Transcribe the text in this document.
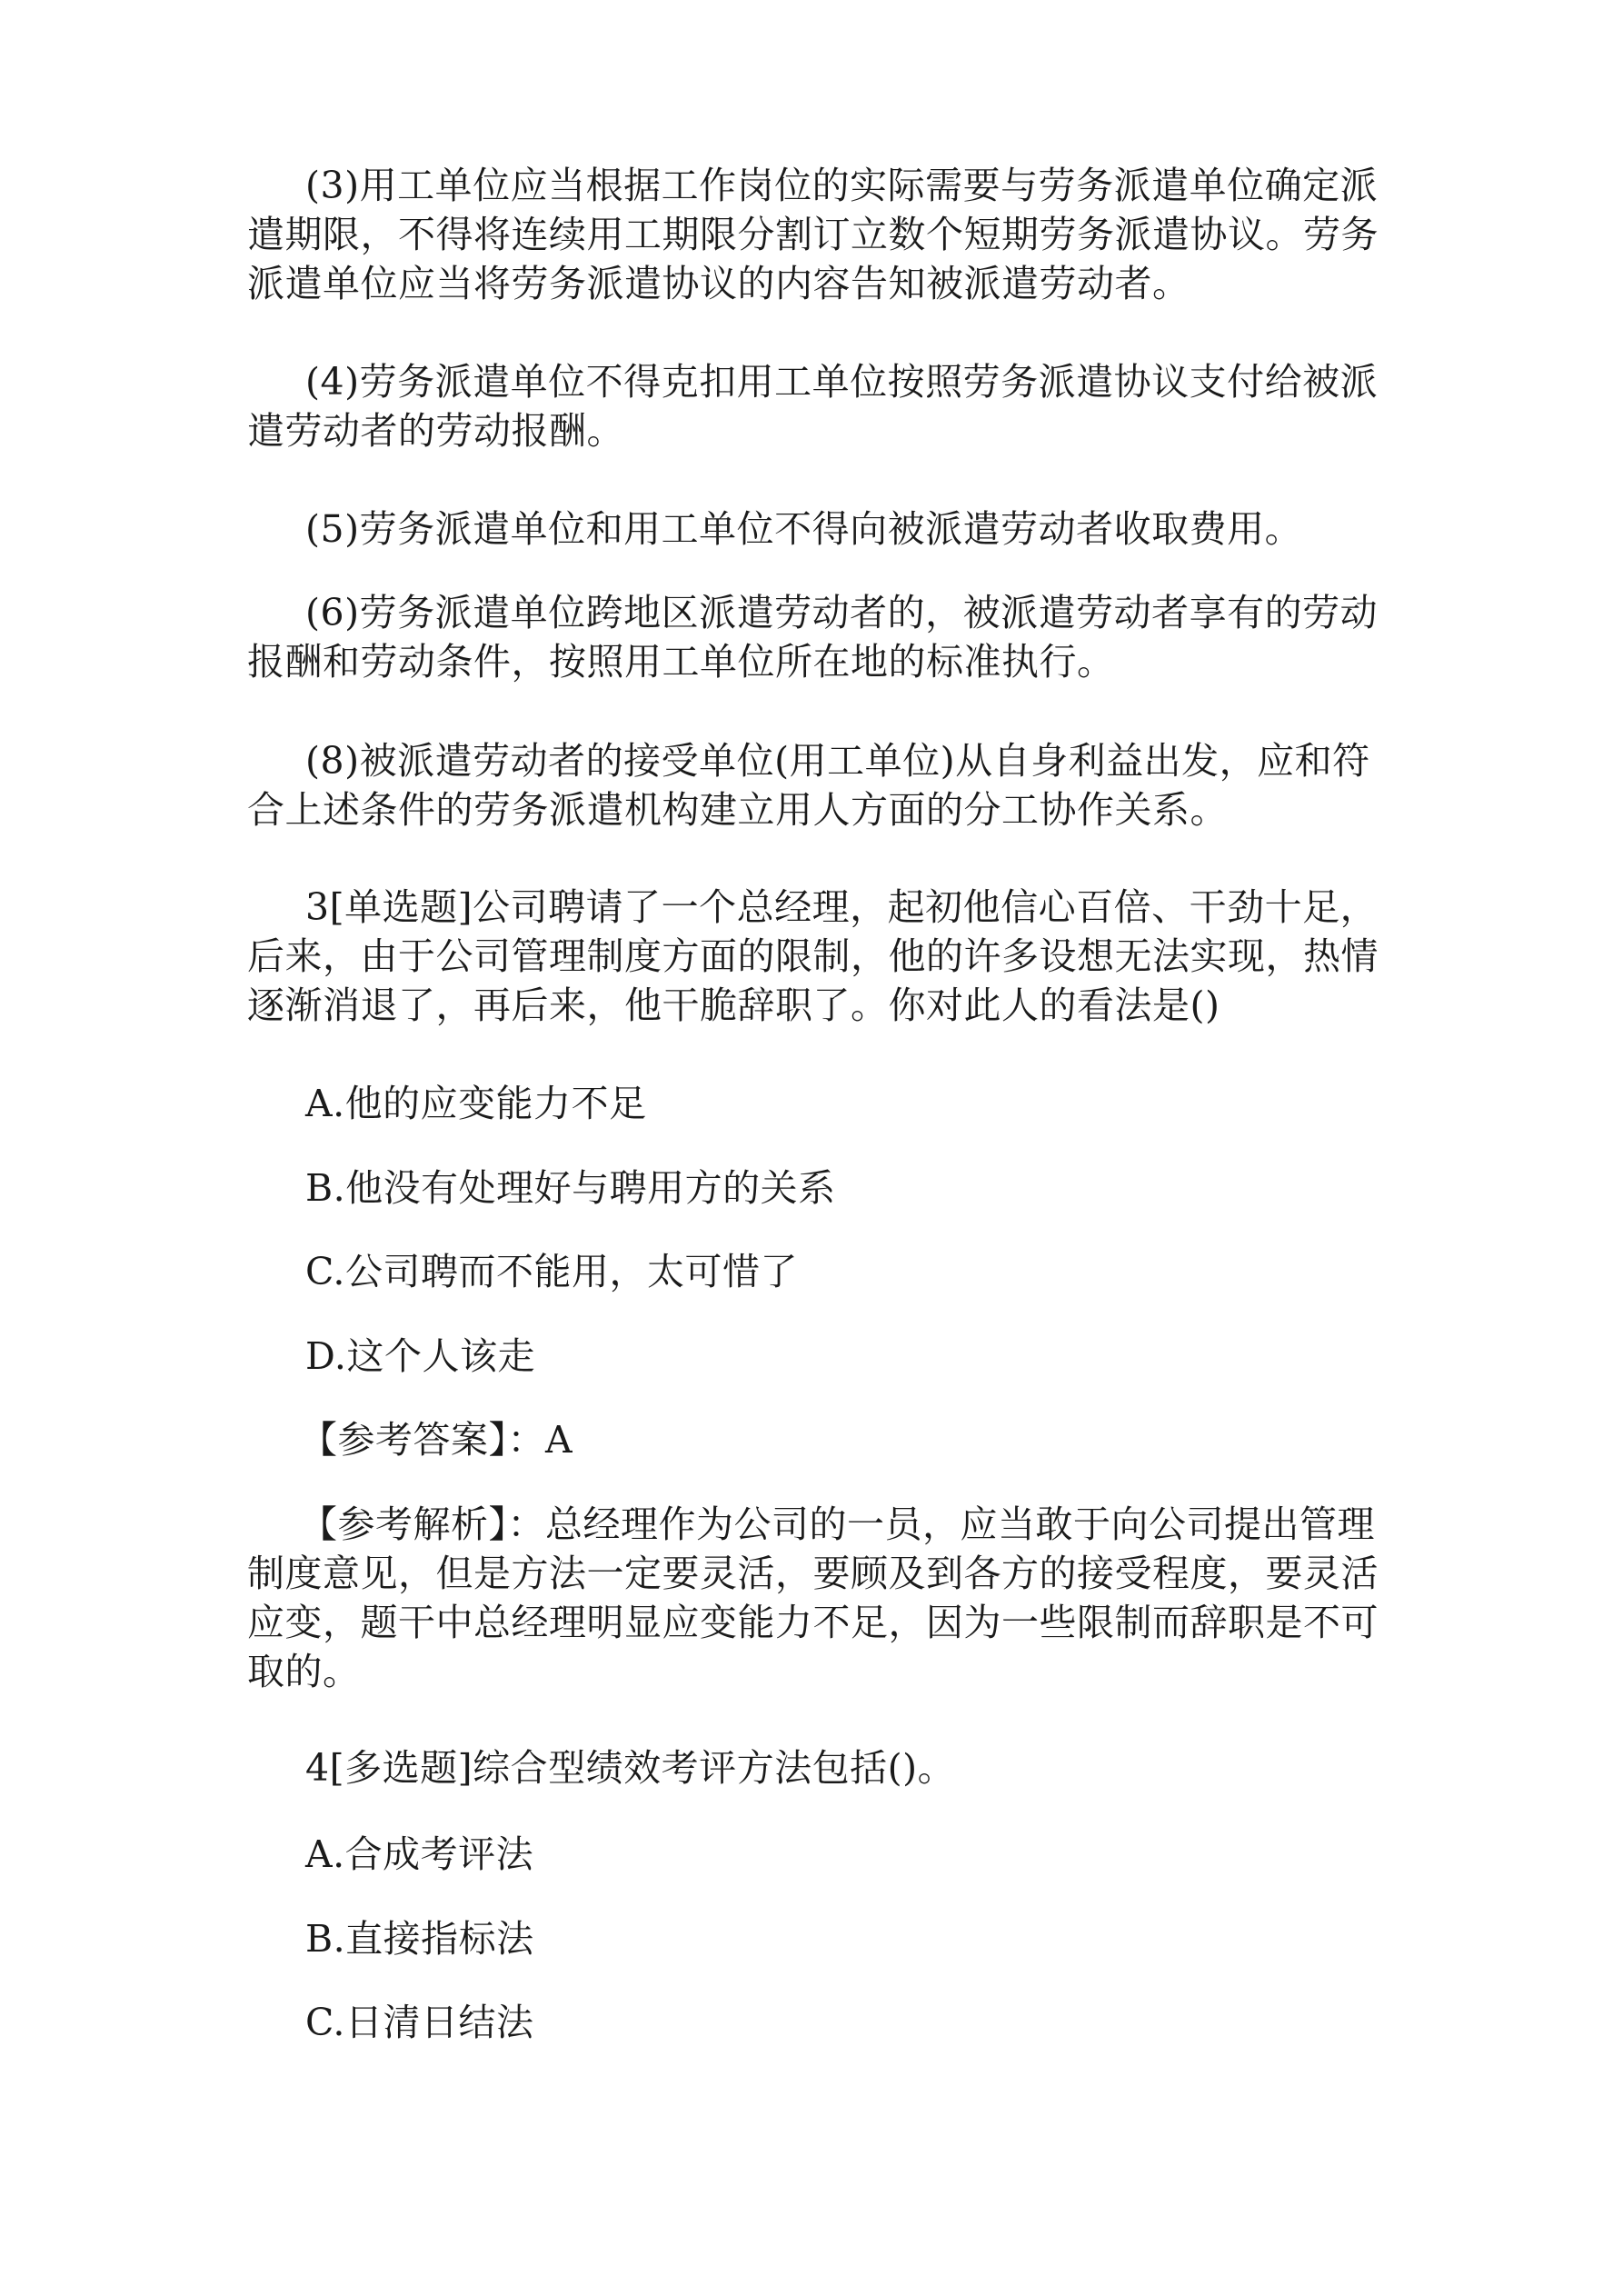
(3)用工单位应当根据工作岗位的实际需要与劳务派遣单位确定派遣期限，不得将连续用工期限分割订立数个短期劳务派遣协议。劳务派遣单位应当将劳务派遣协议的内容告知被派遣劳动者。

(4)劳务派遣单位不得克扣用工单位按照劳务派遣协议支付给被派遣劳动者的劳动报酬。

(5)劳务派遣单位和用工单位不得向被派遣劳动者收取费用。

(6)劳务派遣单位跨地区派遣劳动者的，被派遣劳动者享有的劳动报酬和劳动条件，按照用工单位所在地的标准执行。

(8)被派遣劳动者的接受单位(用工单位)从自身利益出发，应和符合上述条件的劳务派遣机构建立用人方面的分工协作关系。

3[单选题]公司聘请了一个总经理，起初他信心百倍、干劲十足，后来，由于公司管理制度方面的限制，他的许多设想无法实现，热情逐渐消退了，再后来，他干脆辞职了。你对此人的看法是()

A.他的应变能力不足

B.他没有处理好与聘用方的关系

C.公司聘而不能用，太可惜了

D.这个人该走

【参考答案】：A

【参考解析】：总经理作为公司的一员，应当敢于向公司提出管理制度意见，但是方法一定要灵活，要顾及到各方的接受程度，要灵活应变，题干中总经理明显应变能力不足，因为一些限制而辞职是不可取的。

4[多选题]综合型绩效考评方法包括()。

A.合成考评法

B.直接指标法

C.日清日结法
